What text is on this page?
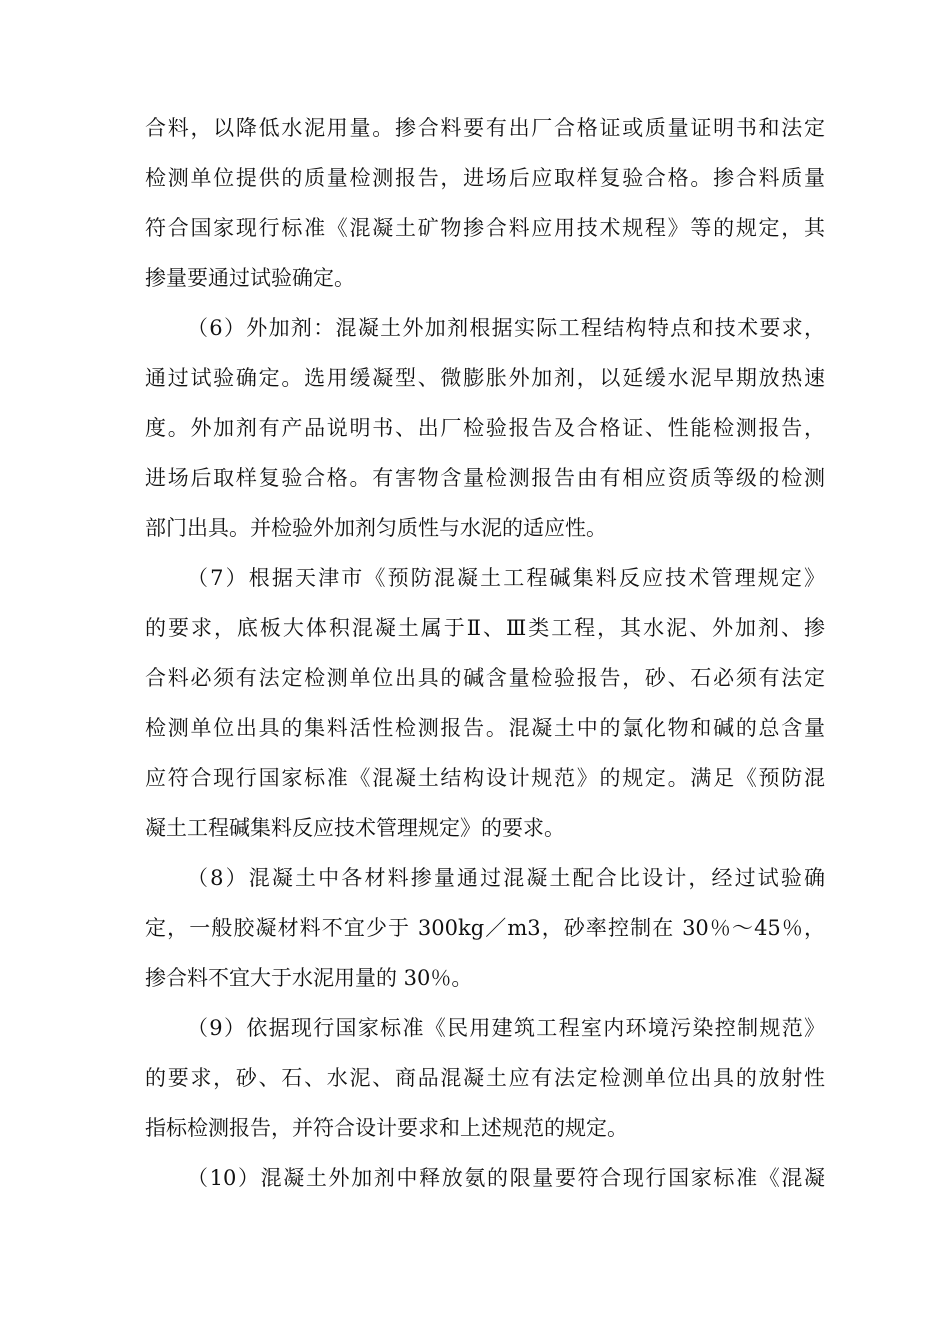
合料，以降低水泥用量。掺合料要有出厂合格证或质量证明书和法定
检测单位提供的质量检测报告，进场后应取样复验合格。掺合料质量
符合国家现行标准《混凝土矿物掺合料应用技术规程》等的规定，其
掺量要通过试验确定。
（6）外加剂：混凝土外加剂根据实际工程结构特点和技术要求，
通过试验确定。选用缓凝型、微膨胀外加剂，以延缓水泥早期放热速
度。外加剂有产品说明书、出厂检验报告及合格证、性能检测报告，
进场后取样复验合格。有害物含量检测报告由有相应资质等级的检测
部门出具。并检验外加剂匀质性与水泥的适应性。
（7）根据天津市《预防混凝土工程碱集料反应技术管理规定》
的要求，底板大体积混凝土属于Ⅱ、Ⅲ类工程，其水泥、外加剂、掺
合料必须有法定检测单位出具的碱含量检验报告，砂、石必须有法定
检测单位出具的集料活性检测报告。混凝土中的氯化物和碱的总含量
应符合现行国家标准《混凝土结构设计规范》的规定。满足《预防混
凝土工程碱集料反应技术管理规定》的要求。
（8）混凝土中各材料掺量通过混凝土配合比设计，经过试验确
定，一般胶凝材料不宜少于 300kg／m3，砂率控制在 30％～45％，
掺合料不宜大于水泥用量的 30％。
（9）依据现行国家标准《民用建筑工程室内环境污染控制规范》
的要求，砂、石、水泥、商品混凝土应有法定检测单位出具的放射性
指标检测报告，并符合设计要求和上述规范的规定。
（10）混凝土外加剂中释放氨的限量要符合现行国家标准《混凝
